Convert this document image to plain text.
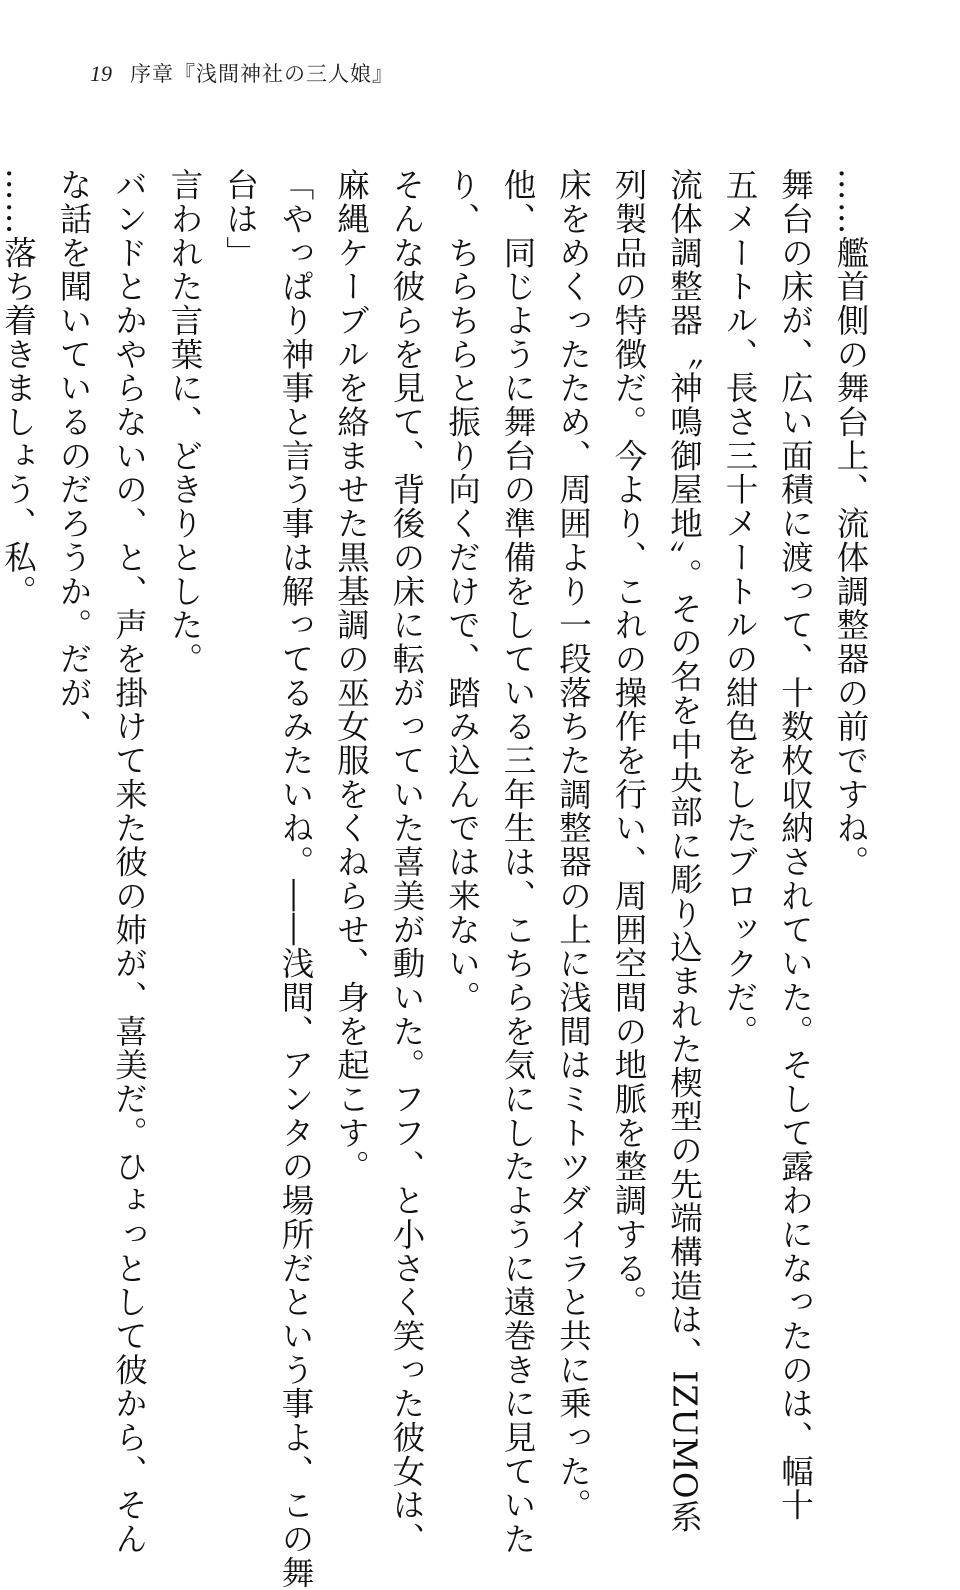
19 序章『浅間神社の三人娘』
……艦首側の舞台上、流体調整器の前ですね。
舞台の床が、広い面積に渡って、十数枚収納されていた。そして露わになったのは、幅十
五メートル、長さ三十メートルの紺色をしたブロックだ。
流体調整器〝神鳴御屋地〟。その名を中央部に彫り込まれた楔型の先端構造は、IZUMO系
列製品の特徴だ。今より、これの操作を行い、周囲空間の地脈を整調する。
床をめくったため、周囲より一段落ちた調整器の上に浅間はミトツダイラと共に乗った。
他、同じように舞台の準備をしている三年生は、こちらを気にしたように遠巻きに見ていた
り、ちらちらと振り向くだけで、踏み込んでは来ない。
そんな彼らを見て、背後の床に転がっていた喜美が動いた。フフ、と小さく笑った彼女は、
麻縄ケーブルを絡ませた黒基調の巫女服をくねらせ、身を起こす。
「やっぱり神事と言う事は解ってるみたいね。――浅間、アンタの場所だという事よ、この舞
台は」
言われた言葉に、どきりとした。
バンドとかやらないの、と、声を掛けて来た彼の姉が、喜美だ。ひょっとして彼から、そん
な話を聞いているのだろうか。だが、
……落ち着きましょう、私。
